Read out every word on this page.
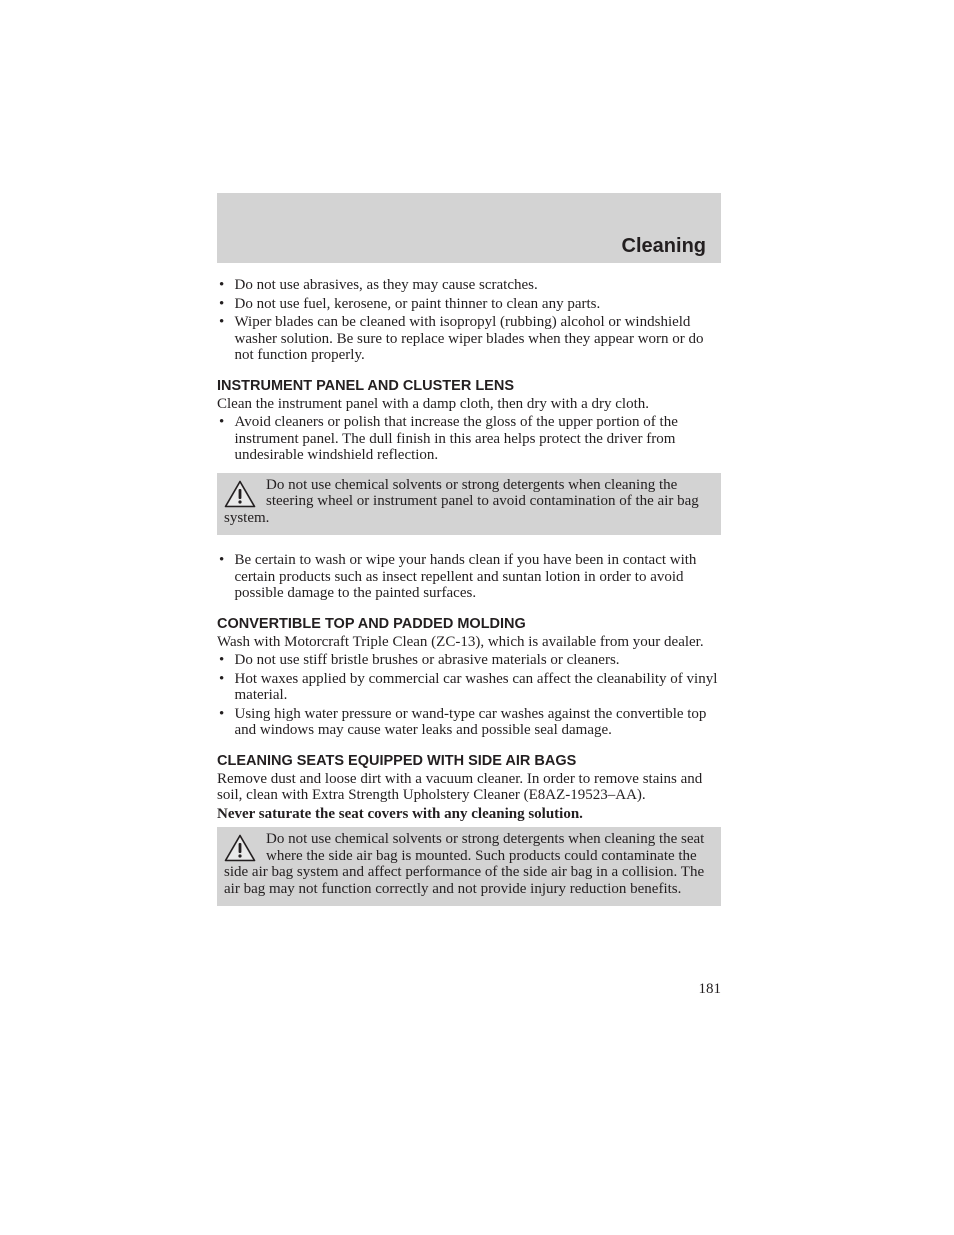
Cleaning
• Do not use abrasives, as they may cause scratches.
• Do not use fuel, kerosene, or paint thinner to clean any parts.
• Wiper blades can be cleaned with isopropyl (rubbing) alcohol or windshield washer solution. Be sure to replace wiper blades when they appear worn or do not function properly.
INSTRUMENT PANEL AND CLUSTER LENS

Clean the instrument panel with a damp cloth, then dry with a dry cloth.

• Avoid cleaners or polish that increase the gloss of the upper portion of the instrument panel. The dull finish in this area helps protect the driver from undesirable windshield reflection.
Do not use chemical solvents or strong detergents when cleaning the steering wheel or instrument panel to avoid contamination of the air bag system.
• Be certain to wash or wipe your hands clean if you have been in contact with certain products such as insect repellent and suntan lotion in order to avoid possible damage to the painted surfaces.
CONVERTIBLE TOP AND PADDED MOLDING

Wash with Motorcraft Triple Clean (ZC-13), which is available from your dealer.

• Do not use stiff bristle brushes or abrasive materials or cleaners.
• Hot waxes applied by commercial car washes can affect the cleanability of vinyl material.
• Using high water pressure or wand-type car washes against the convertible top and windows may cause water leaks and possible seal damage.
CLEANING SEATS EQUIPPED WITH SIDE AIR BAGS

Remove dust and loose dirt with a vacuum cleaner. In order to remove stains and soil, clean with Extra Strength Upholstery Cleaner (E8AZ-19523–AA).

Never saturate the seat covers with any cleaning solution.

Do not use chemical solvents or strong detergents when cleaning the seat where the side air bag is mounted. Such products could contaminate the side air bag system and affect performance of the side air bag in a collision. The air bag may not function correctly and not provide injury reduction benefits.
181
